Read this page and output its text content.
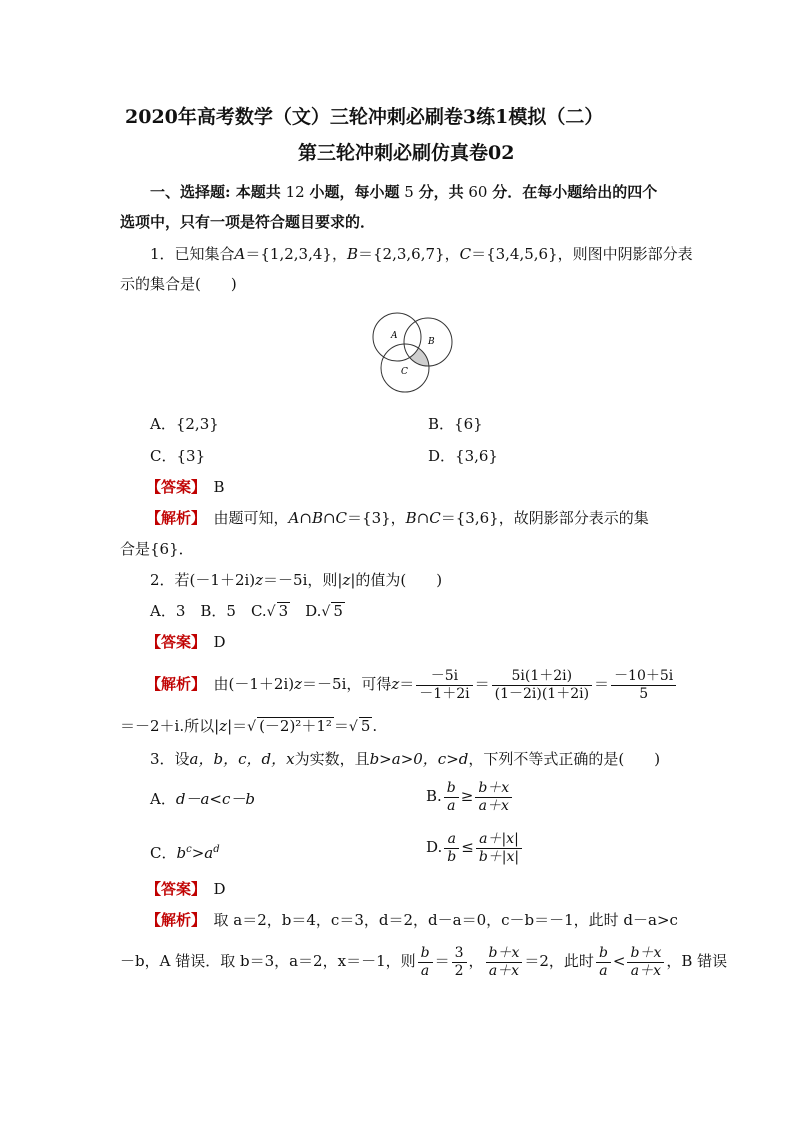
2020年高考数学（文）三轮冲刺必刷卷3练1模拟（二）
第三轮冲刺必刷仿真卷02
一、选择题: 本题共 12 小题，每小题 5 分，共 60 分．在每小题给出的四个
选项中，只有一项是符合题目要求的．
1．已知集合A＝{1,2,3,4}，B＝{2,3,6,7}，C＝{3,4,5,6}，则图中阴影部分表
示的集合是(　　)
A
B
C
A．{2,3}	B．{6}
C．{3}	D．{3,6}
【答案】　 B
【解析】　 由题可知，A∩B∩C＝{3}，B∩C＝{3,6}，故阴影部分表示的集
合是{6}．
2．若(－1＋2i)z＝－5i，则|z|的值为(　　)
A．3　B．5　C.√ 3　D.√ 5
【答案】　 D
【解析】　 由(－1＋2i)z＝－5i，可得$z= \frac{-5i}{-1+2i} = \frac{5i(1+2i)}{(1-2i)(1+2i)} = \frac{-10+5i}{5}$
＝－2＋i.所以|z|＝√ (－2)²＋1² ＝√ 5 .
3．设a，b，c，d，x为实数，且b>a>0，c>d，下列不等式正确的是(　　)
A．d－a<c－b	B. $\frac{b}{a} \ge \frac{b+x}{a+x}$
C．$b^c>a^d$	D. $\frac{a}{b} \le \frac{a+|x|}{b+|x|}$
【答案】　 D
【解析】　 取 a＝2，b＝4，c＝3，d＝2，d－a＝0，c－b＝－1，此时 d－a>c
－b，A 错误．取 b＝3，a＝2，x＝－1，则 $\frac{b}{a} = \frac{3}{2}$ ， $\frac{b+x}{a+x} =2$，此时 $\frac{b}{a} < \frac{b+x}{a+x}$ ，B 错误
